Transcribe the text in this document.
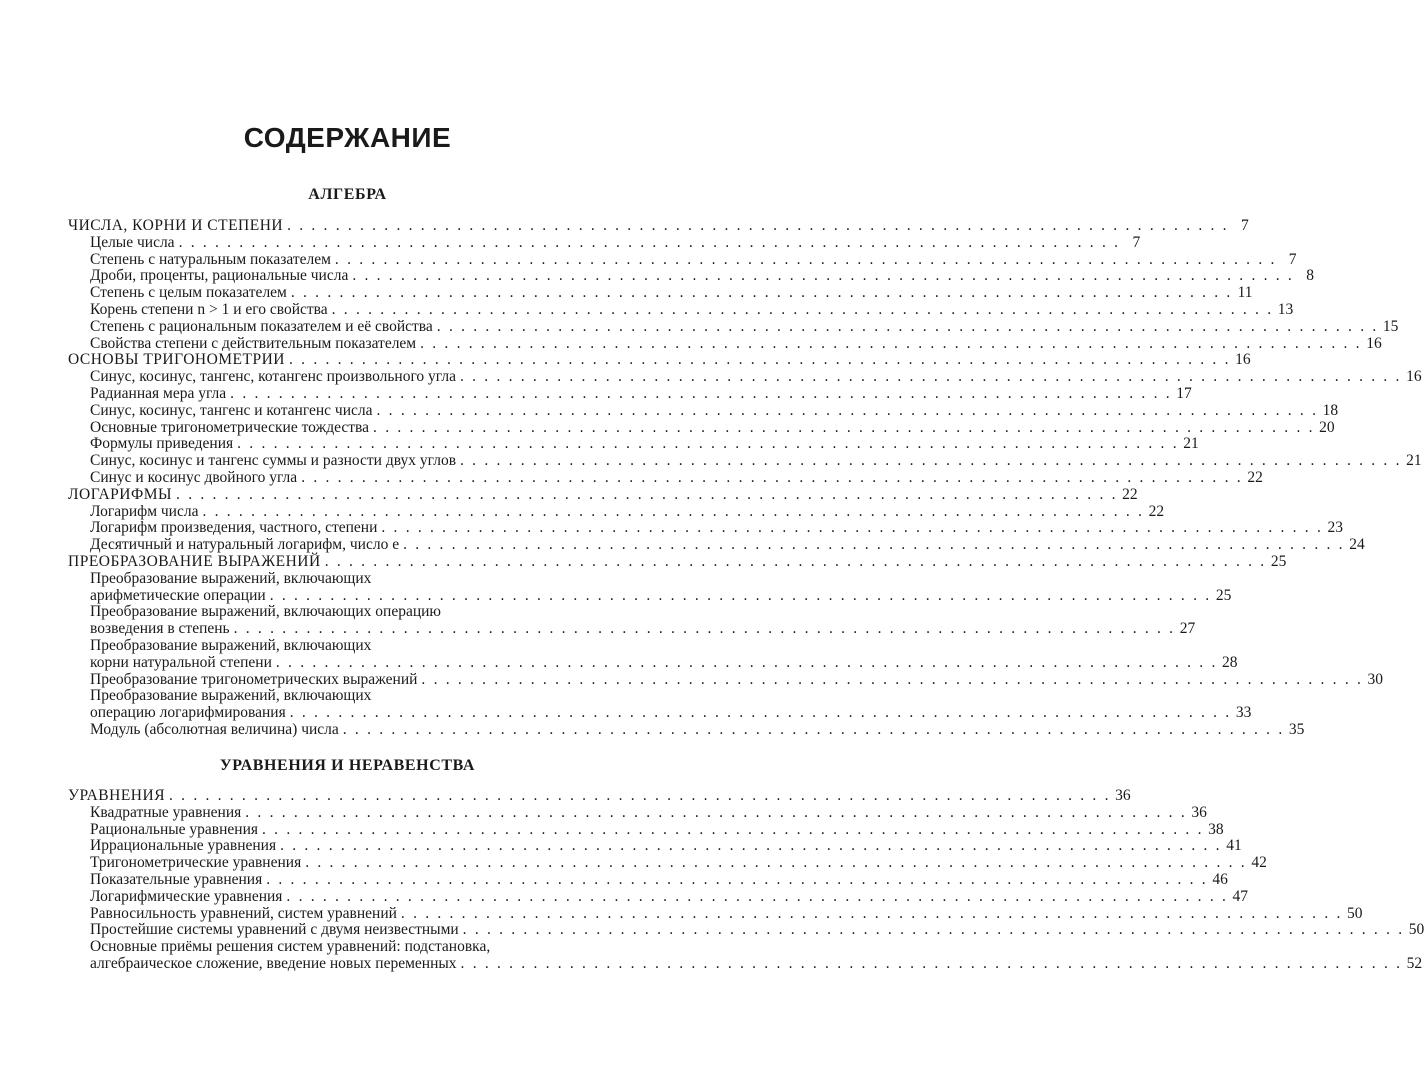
СОДЕРЖАНИЕ
АЛГЕБРА
ЧИСЛА, КОРНИ И СТЕПЕНИ . . . . . . . . . . . . . . . . . . . . . . . . . . . . . . . . . . . . . . . . . . . . . . . . . . . . . . . . . . . . . . . . . . . . . . . . . . . . . . 7
Целые числа . . . . . . . . . . . . . . . . . . . . . . . . . . . . . . . . . . . . . . . . . . . . . . . . . . . . . . . . . . . . . . . . . . . . . . . . . . . . . . 7
Степень с натуральным показателем . . . . . . . . . . . . . . . . . . . . . . . . . . . . . . . . . . . . . . . . . . . . . . . . . . . . . . . . . . . . . . . . . . . . . . . . . . . . . . 7
Дроби, проценты, рациональные числа . . . . . . . . . . . . . . . . . . . . . . . . . . . . . . . . . . . . . . . . . . . . . . . . . . . . . . . . . . . . . . . . . . . . . . . . . . . . . . 8
Степень с целым показателем . . . . . . . . . . . . . . . . . . . . . . . . . . . . . . . . . . . . . . . . . . . . . . . . . . . . . . . . . . . . . . . . . . . . . . . . . . . . . . 11
Корень степени n > 1 и его свойства . . . . . . . . . . . . . . . . . . . . . . . . . . . . . . . . . . . . . . . . . . . . . . . . . . . . . . . . . . . . . . . . . . . . . . . . . . . . . . 13
Степень с рациональным показателем и её свойства . . . . . . . . . . . . . . . . . . . . . . . . . . . . . . . . . . . . . . . . . . . . . . . . . . . . . . . . . . . . . . . . . . . . . . . . . . . . . . 15
Свойства степени с действительным показателем . . . . . . . . . . . . . . . . . . . . . . . . . . . . . . . . . . . . . . . . . . . . . . . . . . . . . . . . . . . . . . . . . . . . . . . . . . . . . . 16
ОСНОВЫ ТРИГОНОМЕТРИИ . . . . . . . . . . . . . . . . . . . . . . . . . . . . . . . . . . . . . . . . . . . . . . . . . . . . . . . . . . . . . . . . . . . . . . . . . . . . . . 16
Синус, косинус, тангенс, котангенс произвольного угла . . . . . . . . . . . . . . . . . . . . . . . . . . . . . . . . . . . . . . . . . . . . . . . . . . . . . . . . . . . . . . . . . . . . . . . . . . . . . . 16
Радианная мера угла . . . . . . . . . . . . . . . . . . . . . . . . . . . . . . . . . . . . . . . . . . . . . . . . . . . . . . . . . . . . . . . . . . . . . . . . . . . . . . 17
Синус, косинус, тангенс и котангенс числа . . . . . . . . . . . . . . . . . . . . . . . . . . . . . . . . . . . . . . . . . . . . . . . . . . . . . . . . . . . . . . . . . . . . . . . . . . . . . . 18
Основные тригонометрические тождества . . . . . . . . . . . . . . . . . . . . . . . . . . . . . . . . . . . . . . . . . . . . . . . . . . . . . . . . . . . . . . . . . . . . . . . . . . . . . . 20
Формулы приведения . . . . . . . . . . . . . . . . . . . . . . . . . . . . . . . . . . . . . . . . . . . . . . . . . . . . . . . . . . . . . . . . . . . . . . . . . . . . . . 21
Синус, косинус и тангенс суммы и разности двух углов . . . . . . . . . . . . . . . . . . . . . . . . . . . . . . . . . . . . . . . . . . . . . . . . . . . . . . . . . . . . . . . . . . . . . . . . . . . . . . 21
Синус и косинус двойного угла . . . . . . . . . . . . . . . . . . . . . . . . . . . . . . . . . . . . . . . . . . . . . . . . . . . . . . . . . . . . . . . . . . . . . . . . . . . . . . 22
ЛОГАРИФМЫ . . . . . . . . . . . . . . . . . . . . . . . . . . . . . . . . . . . . . . . . . . . . . . . . . . . . . . . . . . . . . . . . . . . . . . . . . . . . . . 22
Логарифм числа . . . . . . . . . . . . . . . . . . . . . . . . . . . . . . . . . . . . . . . . . . . . . . . . . . . . . . . . . . . . . . . . . . . . . . . . . . . . . . 22
Логарифм произведения, частного, степени . . . . . . . . . . . . . . . . . . . . . . . . . . . . . . . . . . . . . . . . . . . . . . . . . . . . . . . . . . . . . . . . . . . . . . . . . . . . . . 23
Десятичный и натуральный логарифм, число e . . . . . . . . . . . . . . . . . . . . . . . . . . . . . . . . . . . . . . . . . . . . . . . . . . . . . . . . . . . . . . . . . . . . . . . . . . . . . . 24
ПРЕОБРАЗОВАНИЕ ВЫРАЖЕНИЙ . . . . . . . . . . . . . . . . . . . . . . . . . . . . . . . . . . . . . . . . . . . . . . . . . . . . . . . . . . . . . . . . . . . . . . . . . . . . . . 25
Преобразование выражений, включающих
арифметические операции . . . . . . . . . . . . . . . . . . . . . . . . . . . . . . . . . . . . . . . . . . . . . . . . . . . . . . . . . . . . . . . . . . . . . . . . . . . . . . 25
Преобразование выражений, включающих операцию
возведения в степень . . . . . . . . . . . . . . . . . . . . . . . . . . . . . . . . . . . . . . . . . . . . . . . . . . . . . . . . . . . . . . . . . . . . . . . . . . . . . . 27
Преобразование выражений, включающих
корни натуральной степени . . . . . . . . . . . . . . . . . . . . . . . . . . . . . . . . . . . . . . . . . . . . . . . . . . . . . . . . . . . . . . . . . . . . . . . . . . . . . . 28
Преобразование тригонометрических выражений . . . . . . . . . . . . . . . . . . . . . . . . . . . . . . . . . . . . . . . . . . . . . . . . . . . . . . . . . . . . . . . . . . . . . . . . . . . . . . 30
Преобразование выражений, включающих
операцию логарифмирования . . . . . . . . . . . . . . . . . . . . . . . . . . . . . . . . . . . . . . . . . . . . . . . . . . . . . . . . . . . . . . . . . . . . . . . . . . . . . . 33
Модуль (абсолютная величина) числа . . . . . . . . . . . . . . . . . . . . . . . . . . . . . . . . . . . . . . . . . . . . . . . . . . . . . . . . . . . . . . . . . . . . . . . . . . . . . . 35
УРАВНЕНИЯ И НЕРАВЕНСТВА
УРАВНЕНИЯ . . . . . . . . . . . . . . . . . . . . . . . . . . . . . . . . . . . . . . . . . . . . . . . . . . . . . . . . . . . . . . . . . . . . . . . . . . . . . . 36
Квадратные уравнения . . . . . . . . . . . . . . . . . . . . . . . . . . . . . . . . . . . . . . . . . . . . . . . . . . . . . . . . . . . . . . . . . . . . . . . . . . . . . . 36
Рациональные уравнения . . . . . . . . . . . . . . . . . . . . . . . . . . . . . . . . . . . . . . . . . . . . . . . . . . . . . . . . . . . . . . . . . . . . . . . . . . . . . . 38
Иррациональные уравнения . . . . . . . . . . . . . . . . . . . . . . . . . . . . . . . . . . . . . . . . . . . . . . . . . . . . . . . . . . . . . . . . . . . . . . . . . . . . . . 41
Тригонометрические уравнения . . . . . . . . . . . . . . . . . . . . . . . . . . . . . . . . . . . . . . . . . . . . . . . . . . . . . . . . . . . . . . . . . . . . . . . . . . . . . . 42
Показательные уравнения . . . . . . . . . . . . . . . . . . . . . . . . . . . . . . . . . . . . . . . . . . . . . . . . . . . . . . . . . . . . . . . . . . . . . . . . . . . . . . 46
Логарифмические уравнения . . . . . . . . . . . . . . . . . . . . . . . . . . . . . . . . . . . . . . . . . . . . . . . . . . . . . . . . . . . . . . . . . . . . . . . . . . . . . . 47
Равносильность уравнений, систем уравнений . . . . . . . . . . . . . . . . . . . . . . . . . . . . . . . . . . . . . . . . . . . . . . . . . . . . . . . . . . . . . . . . . . . . . . . . . . . . . . 50
Простейшие системы уравнений с двумя неизвестными . . . . . . . . . . . . . . . . . . . . . . . . . . . . . . . . . . . . . . . . . . . . . . . . . . . . . . . . . . . . . . . . . . . . . . . . . . . . . . 50
Основные приёмы решения систем уравнений: подстановка,
алгебраическое сложение, введение новых переменных . . . . . . . . . . . . . . . . . . . . . . . . . . . . . . . . . . . . . . . . . . . . . . . . . . . . . . . . . . . . . . . . . . . . . . . . . . . . . . 52
